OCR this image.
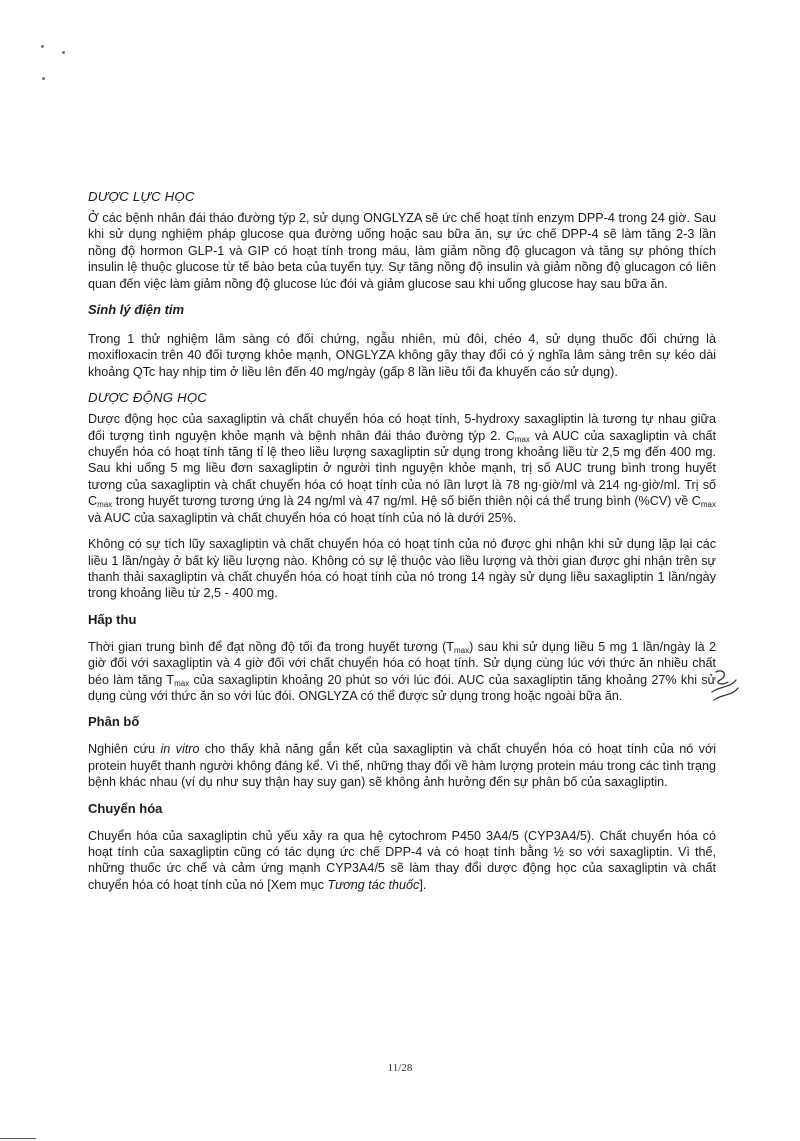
DƯỢC LỰC HỌC

Ở các bệnh nhân đái tháo đường týp 2, sử dụng ONGLYZA sẽ ức chế hoạt tính enzym DPP-4 trong 24 giờ. Sau khi sử dụng nghiệm pháp glucose qua đường uống hoặc sau bữa ăn, sự ức chế DPP-4 sẽ làm tăng 2-3 lần nồng độ hormon GLP-1 và GIP có hoạt tính trong máu, làm giảm nồng độ glucagon và tăng sự phóng thích insulin lệ thuộc glucose từ tế bào beta của tuyến tụy. Sự tăng nồng độ insulin và giảm nồng độ glucagon có liên quan đến việc làm giảm nồng độ glucose lúc đói và giảm glucose sau khi uống glucose hay sau bữa ăn.

Sinh lý điện tim

Trong 1 thử nghiệm lâm sàng có đối chứng, ngẫu nhiên, mù đôi, chéo 4, sử dụng thuốc đối chứng là moxifloxacin trên 40 đối tượng khỏe mạnh, ONGLYZA không gây thay đổi có ý nghĩa lâm sàng trên sự kéo dài khoảng QTc hay nhịp tim ở liều lên đến 40 mg/ngày (gấp 8 lần liều tối đa khuyến cáo sử dụng).

DƯỢC ĐỘNG HỌC

Dược động học của saxagliptin và chất chuyển hóa có hoạt tính, 5-hydroxy saxagliptin là tương tự nhau giữa đối tượng tình nguyện khỏe mạnh và bệnh nhân đái tháo đường týp 2. $C_{max}$ và AUC của saxagliptin và chất chuyển hóa có hoạt tính tăng tỉ lệ theo liều lượng saxagliptin sử dụng trong khoảng liều từ 2,5 mg đến 400 mg. Sau khi uống 5 mg liều đơn saxagliptin ở người tình nguyện khỏe mạnh, trị số AUC trung bình trong huyết tương của saxagliptin và chất chuyển hóa có hoạt tính của nó lần lượt là 78 ng·giờ/ml và 214 ng·giờ/ml. Trị số $C_{max}$ trong huyết tương tương ứng là 24 ng/ml và 47 ng/ml. Hệ số biến thiên nội cá thể trung bình (%CV) về $C_{max}$ và AUC của saxagliptin và chất chuyển hóa có hoạt tính của nó là dưới 25%.

Không có sự tích lũy saxagliptin và chất chuyển hóa có hoạt tính của nó được ghi nhận khi sử dụng lặp lại các liều 1 lần/ngày ở bất kỳ liều lượng nào. Không có sự lệ thuộc vào liều lượng và thời gian được ghi nhận trên sự thanh thải saxagliptin và chất chuyển hóa có hoạt tính của nó trong 14 ngày sử dụng liều saxagliptin 1 lần/ngày trong khoảng liều từ 2,5 - 400 mg.

Hấp thu

Thời gian trung bình để đạt nồng độ tối đa trong huyết tương $(T_{max})$ sau khi sử dụng liều 5 mg 1 lần/ngày là 2 giờ đối với saxagliptin và 4 giờ đối với chất chuyển hóa có hoạt tính. Sử dụng cùng lúc với thức ăn nhiều chất béo làm tăng $T_{max}$ của saxagliptin khoảng 20 phút so với lúc đói. AUC của saxagliptin tăng khoảng 27% khi sử dụng cùng với thức ăn so với lúc đói. ONGLYZA có thể được sử dụng trong hoặc ngoài bữa ăn.

Phân bố

Nghiên cứu in vitro cho thấy khả năng gắn kết của saxagliptin và chất chuyển hóa có hoạt tính của nó với protein huyết thanh người không đáng kể. Vì thế, những thay đổi về hàm lượng protein máu trong các tình trạng bệnh khác nhau (ví dụ như suy thận hay suy gan) sẽ không ảnh hưởng đến sự phân bố của saxagliptin.

Chuyển hóa

Chuyển hóa của saxagliptin chủ yếu xảy ra qua hệ cytochrom P450 3A4/5 (CYP3A4/5). Chất chuyển hóa có hoạt tính của saxagliptin cũng có tác dụng ức chế DPP-4 và có hoạt tính bằng ½ so với saxagliptin. Vì thế, những thuốc ức chế và cảm ứng mạnh CYP3A4/5 sẽ làm thay đổi dược động học của saxagliptin và chất chuyển hóa có hoạt tính của nó [Xem mục Tương tác thuốc].

11/28
